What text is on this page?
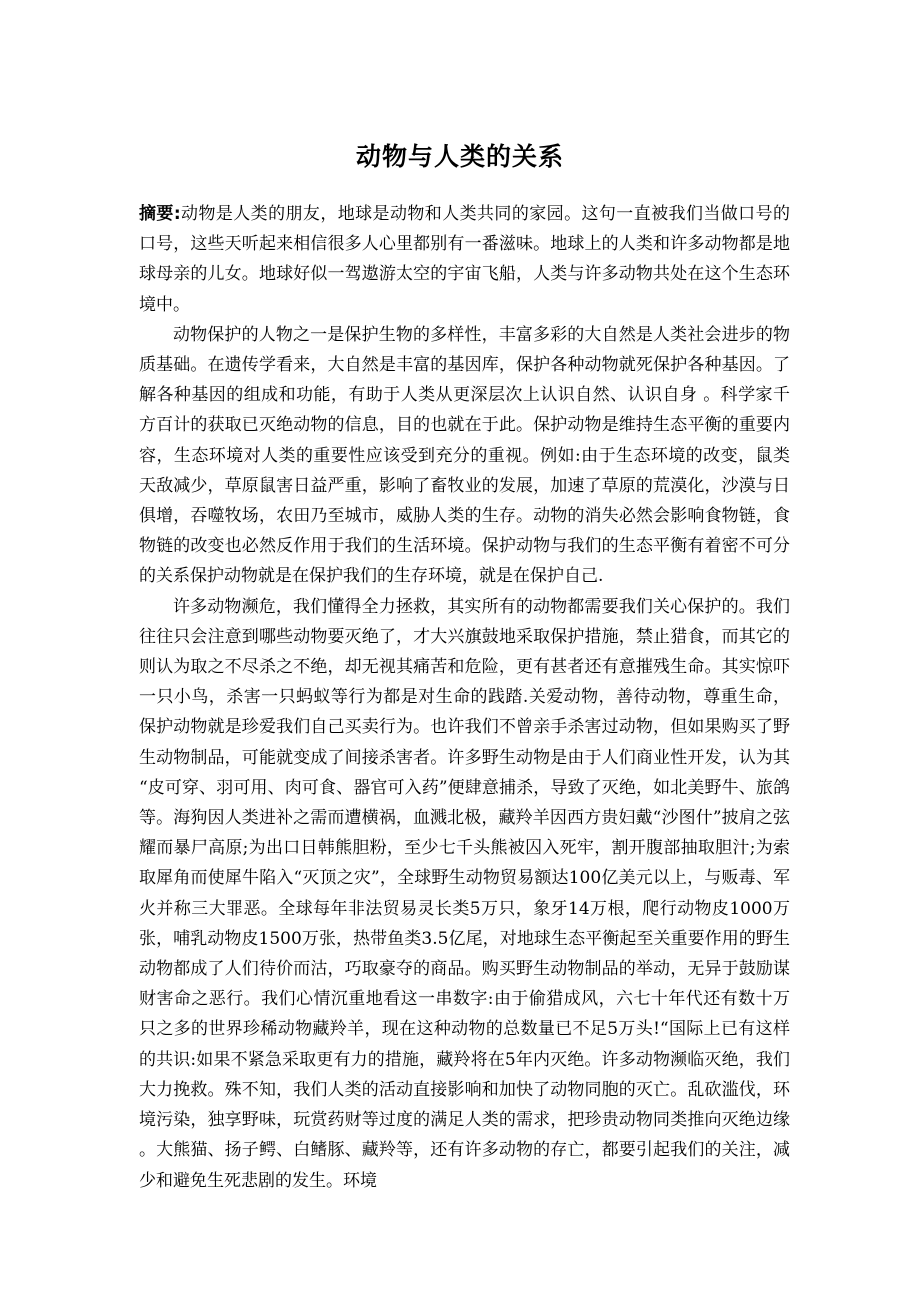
动物与人类的关系

摘要:动物是人类的朋友，地球是动物和人类共同的家园。这句一直被我们当做口号的口号，这些天听起来相信很多人心里都别有一番滋味。地球上的人类和许多动物都是地球母亲的儿女。地球好似一驾遨游太空的宇宙飞船，人类与许多动物共处在这个生态环境中。

动物保护的人物之一是保护生物的多样性，丰富多彩的大自然是人类社会进步的物质基础。在遗传学看来，大自然是丰富的基因库，保护各种动物就死保护各种基因。了解各种基因的组成和功能，有助于人类从更深层次上认识自然、认识自身 。科学家千方百计的获取已灭绝动物的信息，目的也就在于此。保护动物是维持生态平衡的重要内容，生态环境对人类的重要性应该受到充分的重视。例如:由于生态环境的改变，鼠类天敌减少，草原鼠害日益严重，影响了畜牧业的发展，加速了草原的荒漠化，沙漠与日俱增，吞噬牧场，农田乃至城市，威胁人类的生存。动物的消失必然会影响食物链，食物链的改变也必然反作用于我们的生活环境。保护动物与我们的生态平衡有着密不可分的关系保护动物就是在保护我们的生存环境，就是在保护自己.

许多动物濒危，我们懂得全力拯救，其实所有的动物都需要我们关心保护的。我们往往只会注意到哪些动物要灭绝了，才大兴旗鼓地采取保护措施，禁止猎食，而其它的则认为取之不尽杀之不绝，却无视其痛苦和危险，更有甚者还有意摧残生命。其实惊吓一只小鸟，杀害一只蚂蚁等行为都是对生命的践踏.关爱动物，善待动物，尊重生命，保护动物就是珍爱我们自己买卖行为。也许我们不曾亲手杀害过动物，但如果购买了野生动物制品，可能就变成了间接杀害者。许多野生动物是由于人们商业性开发，认为其“皮可穿、羽可用、肉可食、器官可入药”便肆意捕杀，导致了灭绝，如北美野牛、旅鸽等。海狗因人类进补之需而遭横祸，血溅北极，藏羚羊因西方贵妇戴“沙图什”披肩之弦耀而暴尸高原;为出口日韩熊胆粉，至少七千头熊被囚入死牢，割开腹部抽取胆汁;为索取犀角而使犀牛陷入“灭顶之灾”，全球野生动物贸易额达100亿美元以上，与贩毒、军火并称三大罪恶。全球每年非法贸易灵长类5万只，象牙14万根，爬行动物皮1000万张，哺乳动物皮1500万张，热带鱼类3.5亿尾，对地球生态平衡起至关重要作用的野生动物都成了人们待价而沽，巧取豪夺的商品。购买野生动物制品的举动，无异于鼓励谋财害命之恶行。我们心情沉重地看这一串数字:由于偷猎成风，六七十年代还有数十万只之多的世界珍稀动物藏羚羊，现在这种动物的总数量已不足5万头!“国际上已有这样的共识:如果不紧急采取更有力的措施，藏羚将在5年内灭绝。许多动物濒临灭绝，我们大力挽救。殊不知，我们人类的活动直接影响和加快了动物同胞的灭亡。乱砍滥伐，环境污染，独享野味，玩赏药财等过度的满足人类的需求，把珍贵动物同类推向灭绝边缘。大熊猫、扬子鳄、白鳍豚、藏羚等，还有许多动物的存亡，都要引起我们的关注，减少和避免生死悲剧的发生。环境
